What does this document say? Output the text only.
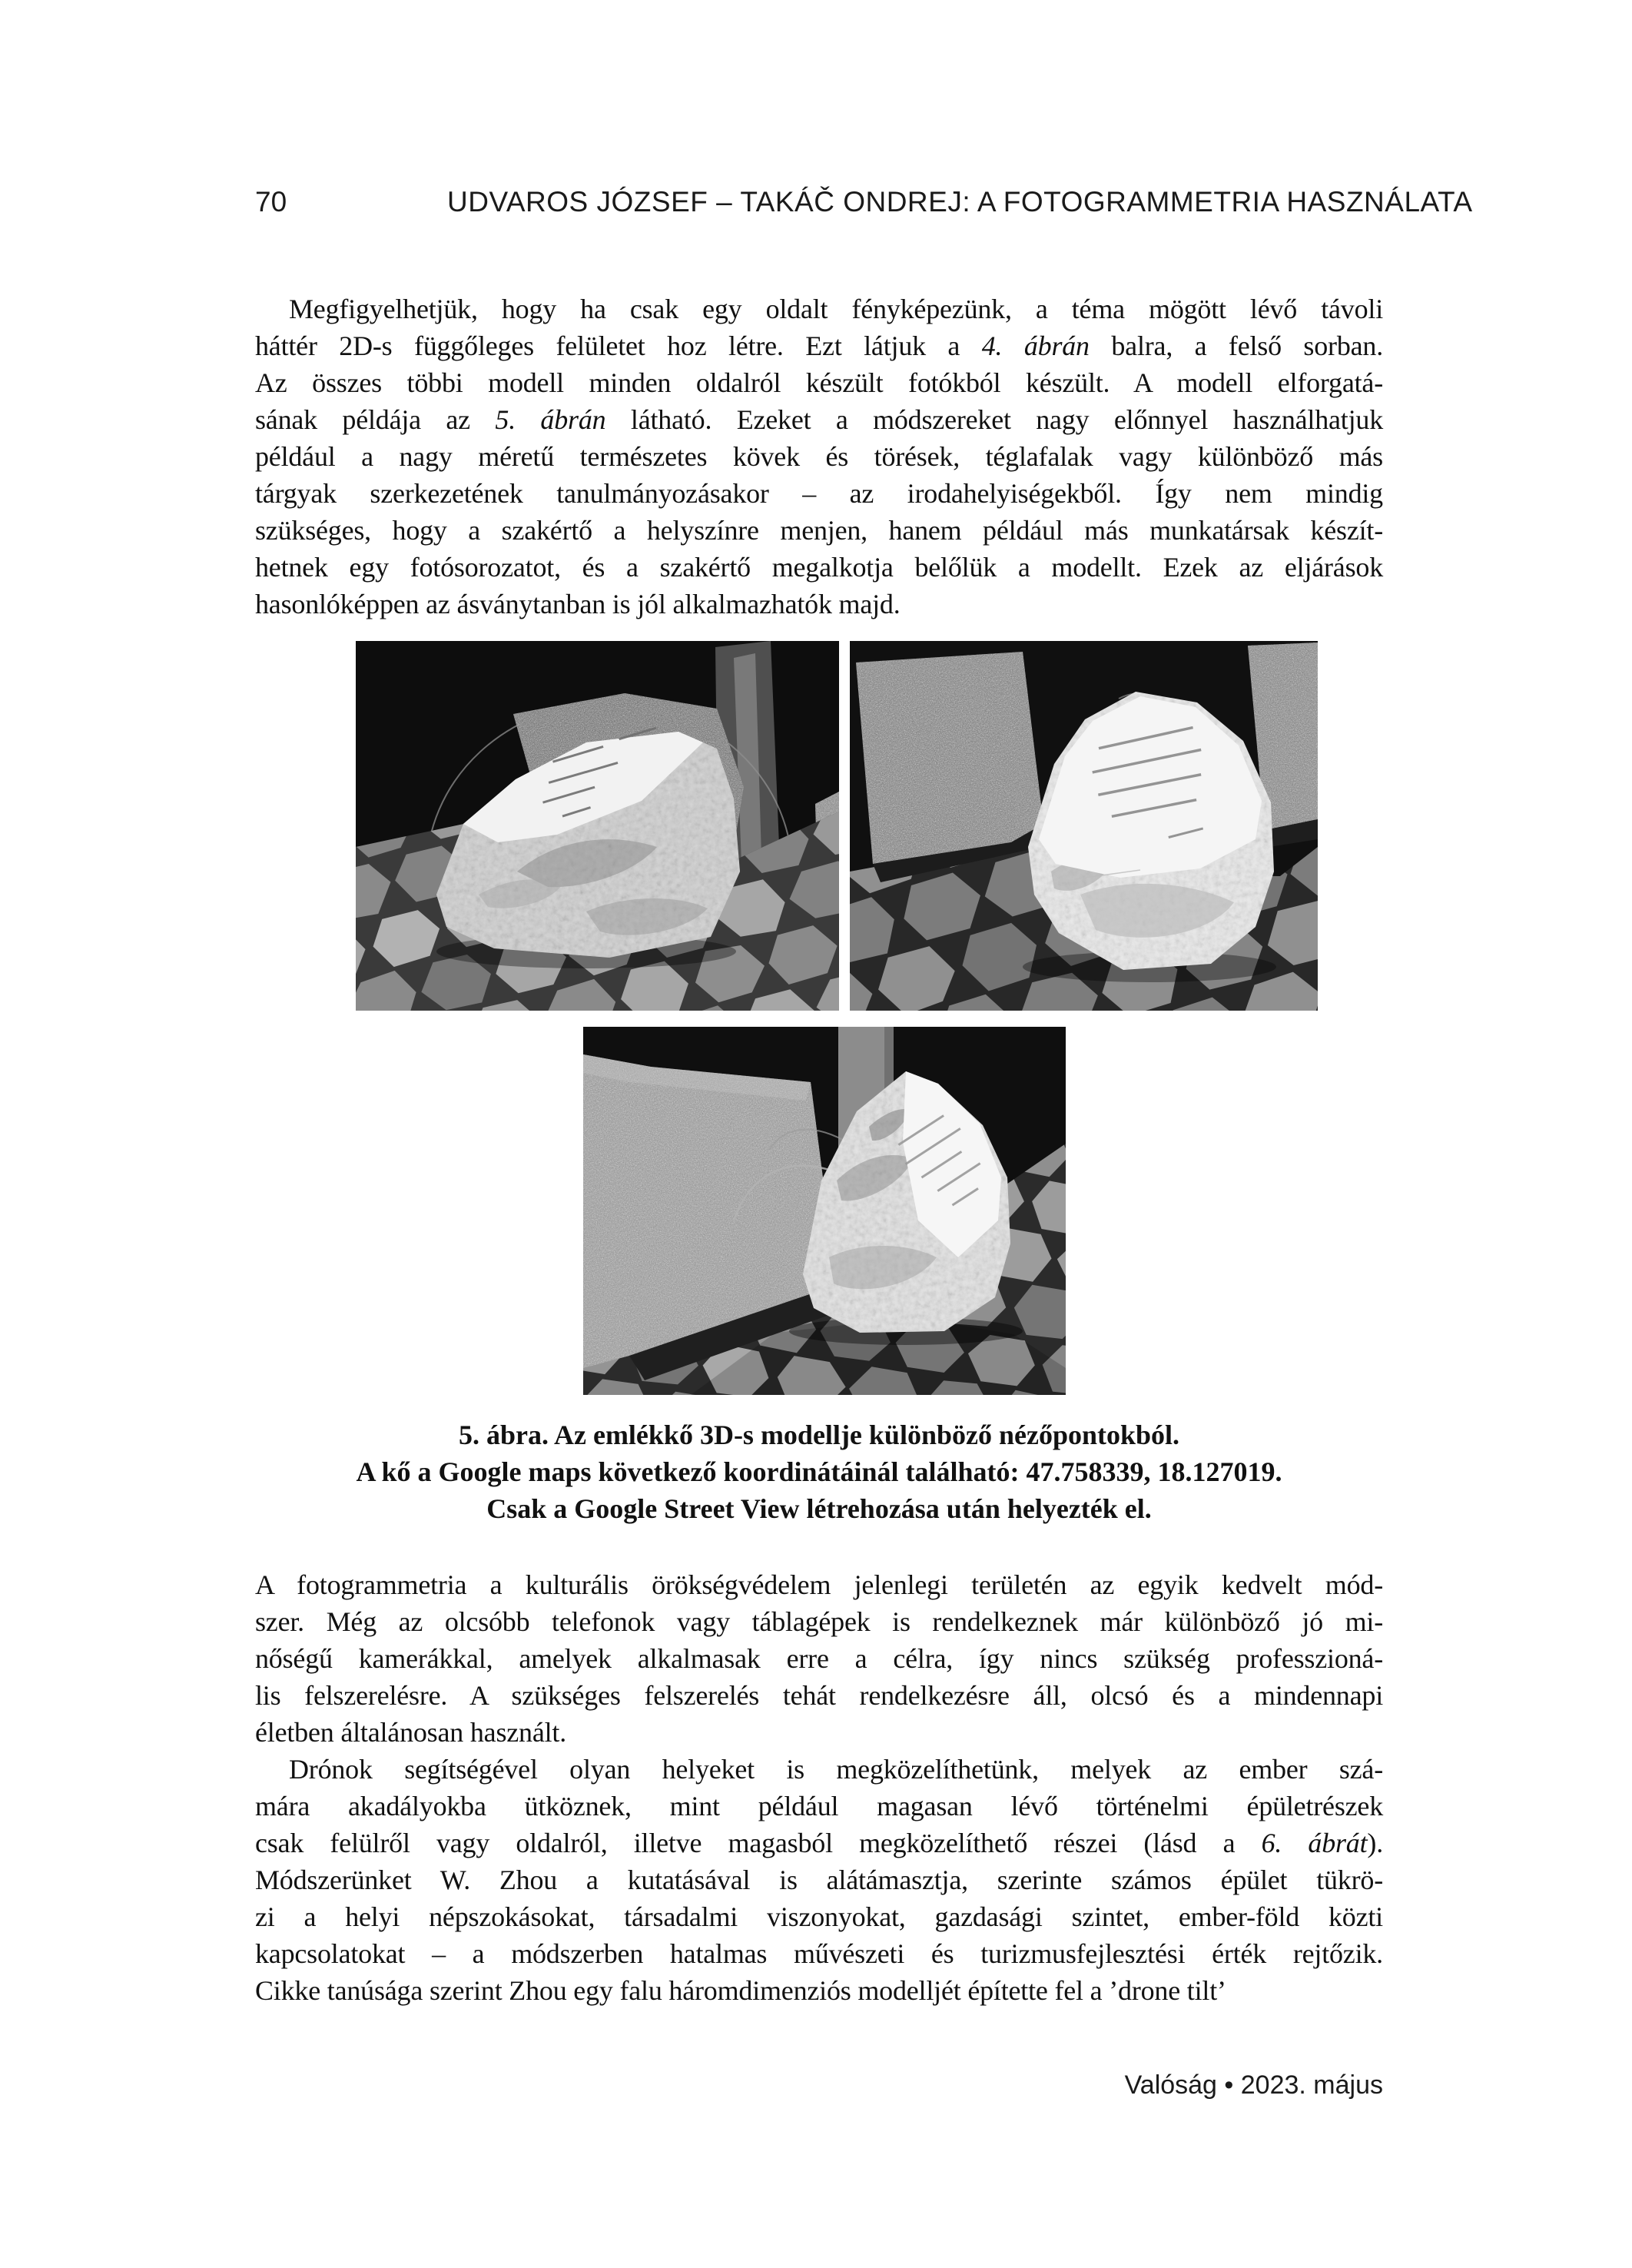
70	UDVAROS JÓZSEF – TAKÁČ ONDREJ: A FOTOGRAMMETRIA HASZNÁLATA
Megfigyelhetjük, hogy ha csak egy oldalt fényképezünk, a téma mögött lévő távoli
háttér 2D-s függőleges felületet hoz létre. Ezt látjuk a 4. ábrán balra, a felső sorban.
Az összes többi modell minden oldalról készült fotókból készült. A modell elforgatá-
sának példája az 5. ábrán látható. Ezeket a módszereket nagy előnnyel használhatjuk
például a nagy méretű természetes kövek és törések, téglafalak vagy különböző más
tárgyak szerkezetének tanulmányozásakor – az irodahelyiségekből. Így nem mindig
szükséges, hogy a szakértő a helyszínre menjen, hanem például más munkatársak készít-
hetnek egy fotósorozatot, és a szakértő megalkotja belőlük a modellt. Ezek az eljárások
hasonlóképpen az ásványtanban is jól alkalmazhatók majd.
5. ábra. Az emlékkő 3D-s modellje különböző nézőpontokból.
A kő a Google maps következő koordinátáinál található: 47.758339, 18.127019.
Csak a Google Street View létrehozása után helyezték el.
A fotogrammetria a kulturális örökségvédelem jelenlegi területén az egyik kedvelt mód-
szer. Még az olcsóbb telefonok vagy táblagépek is rendelkeznek már különböző jó mi-
nőségű kamerákkal, amelyek alkalmasak erre a célra, így nincs szükség professzioná-
lis felszerelésre. A szükséges felszerelés tehát rendelkezésre áll, olcsó és a mindennapi
életben általánosan használt.
Drónok segítségével olyan helyeket is megközelíthetünk, melyek az ember szá-
mára akadályokba ütköznek, mint például magasan lévő történelmi épületrészek
csak felülről vagy oldalról, illetve magasból megközelíthető részei (lásd a 6. ábrát).
Módszerünket W. Zhou a kutatásával is alátámasztja, szerinte számos épület tükrö-
zi a helyi népszokásokat, társadalmi viszonyokat, gazdasági szintet, ember-föld közti
kapcsolatokat – a módszerben hatalmas művészeti és turizmusfejlesztési érték rejtőzik.
Cikke tanúsága szerint Zhou egy falu háromdimenziós modelljét építette fel a ’drone tilt’
Valóság • 2023. május
